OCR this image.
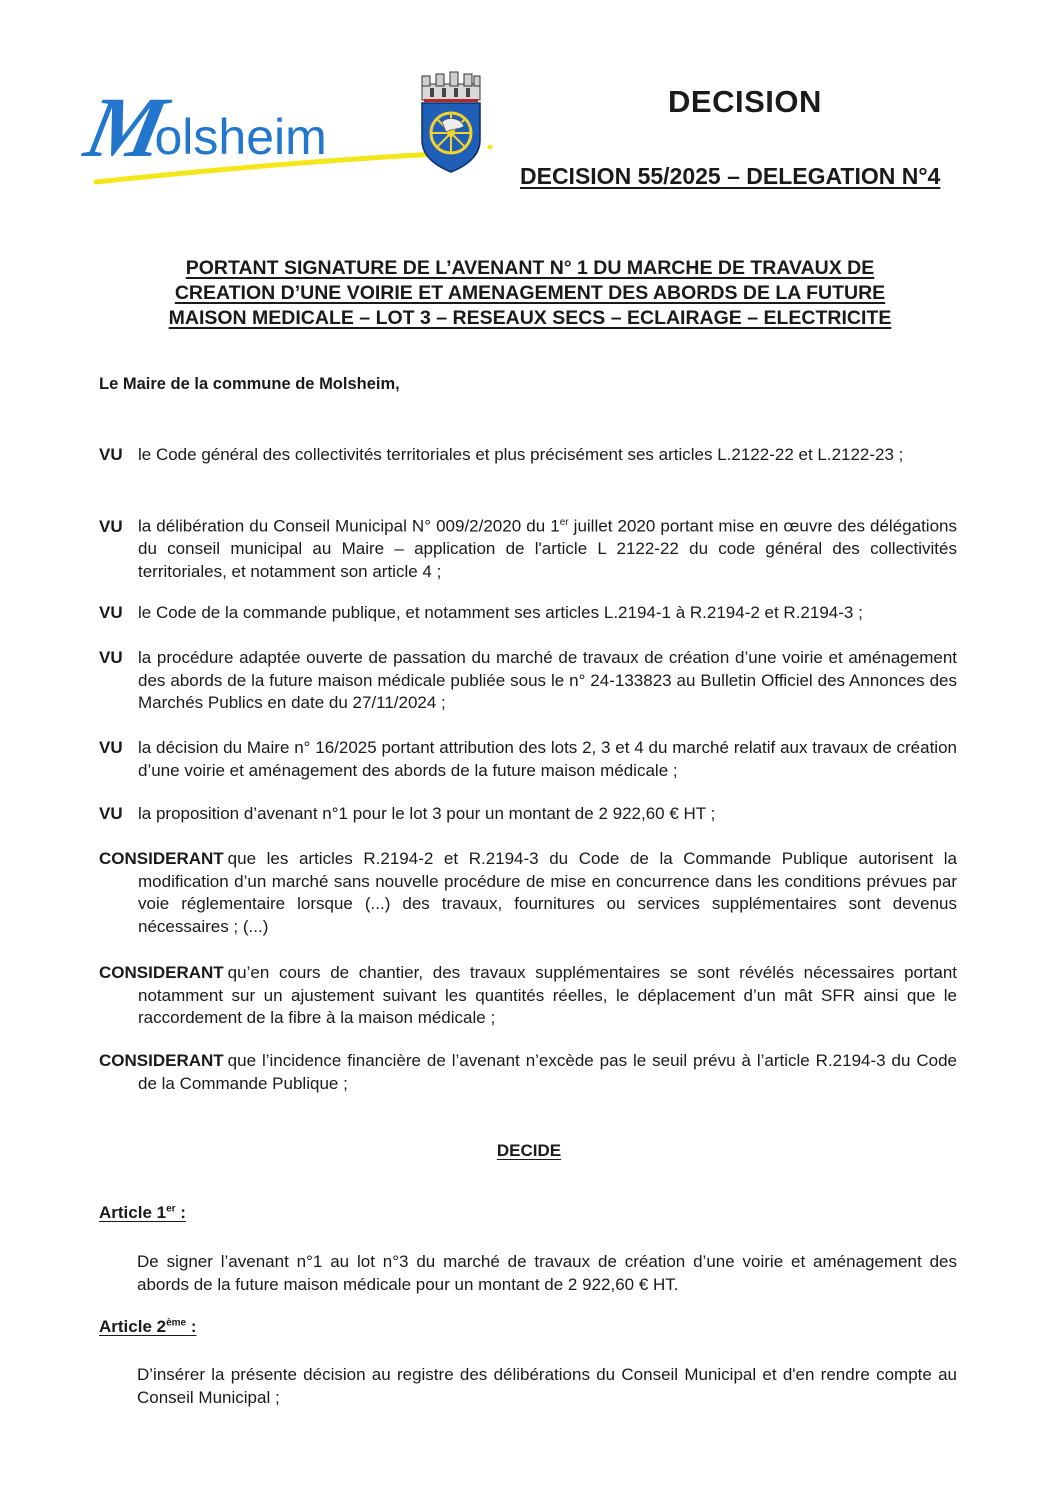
M
olsheim
DECISION
DECISION 55/2025 – DELEGATION N°4
PORTANT SIGNATURE DE L’AVENANT N° 1 DU MARCHE DE TRAVAUX DE
CREATION D’UNE VOIRIE ET AMENAGEMENT DES ABORDS DE LA FUTURE
MAISON MEDICALE – LOT 3 – RESEAUX SECS – ECLAIRAGE – ELECTRICITE
Le Maire de la commune de Molsheim,
VU le Code général des collectivités territoriales et plus précisément ses articles L.2122-22 et L.2122-23 ;
VU la délibération du Conseil Municipal N° 009/2/2020 du 1er juillet 2020 portant mise en œuvre des délégations du conseil municipal au Maire – application de l'article L 2122-22 du code général des collectivités territoriales, et notamment son article 4 ;
VU le Code de la commande publique, et notamment ses articles L.2194-1 à R.2194-2 et R.2194-3 ;
VU la procédure adaptée ouverte de passation du marché de travaux de création d’une voirie et aménagement des abords de la future maison médicale publiée sous le n° 24-133823 au Bulletin Officiel des Annonces des Marchés Publics en date du 27/11/2024 ;
VU la décision du Maire n° 16/2025 portant attribution des lots 2, 3 et 4 du marché relatif aux travaux de création d’une voirie et aménagement des abords de la future maison médicale ;
VU la proposition d’avenant n°1 pour le lot 3 pour un montant de 2 922,60 € HT ;
CONSIDERANT que les articles R.2194-2 et R.2194-3 du Code de la Commande Publique autorisent la modification d’un marché sans nouvelle procédure de mise en concurrence dans les conditions prévues par voie réglementaire lorsque (...) des travaux, fournitures ou services supplémentaires sont devenus nécessaires ; (...)
CONSIDERANT qu’en cours de chantier, des travaux supplémentaires se sont révélés nécessaires portant notamment sur un ajustement suivant les quantités réelles, le déplacement d’un mât SFR ainsi que le raccordement de la fibre à la maison médicale ;
CONSIDERANT que l’incidence financière de l’avenant n’excède pas le seuil prévu à l’article R.2194-3 du Code de la Commande Publique ;
DECIDE
Article 1er :
De signer l’avenant n°1 au lot n°3 du marché de travaux de création d’une voirie et aménagement des abords de la future maison médicale pour un montant de 2 922,60 € HT.
Article 2ème :
D’insérer la présente décision au registre des délibérations du Conseil Municipal et d'en rendre compte au Conseil Municipal ;
